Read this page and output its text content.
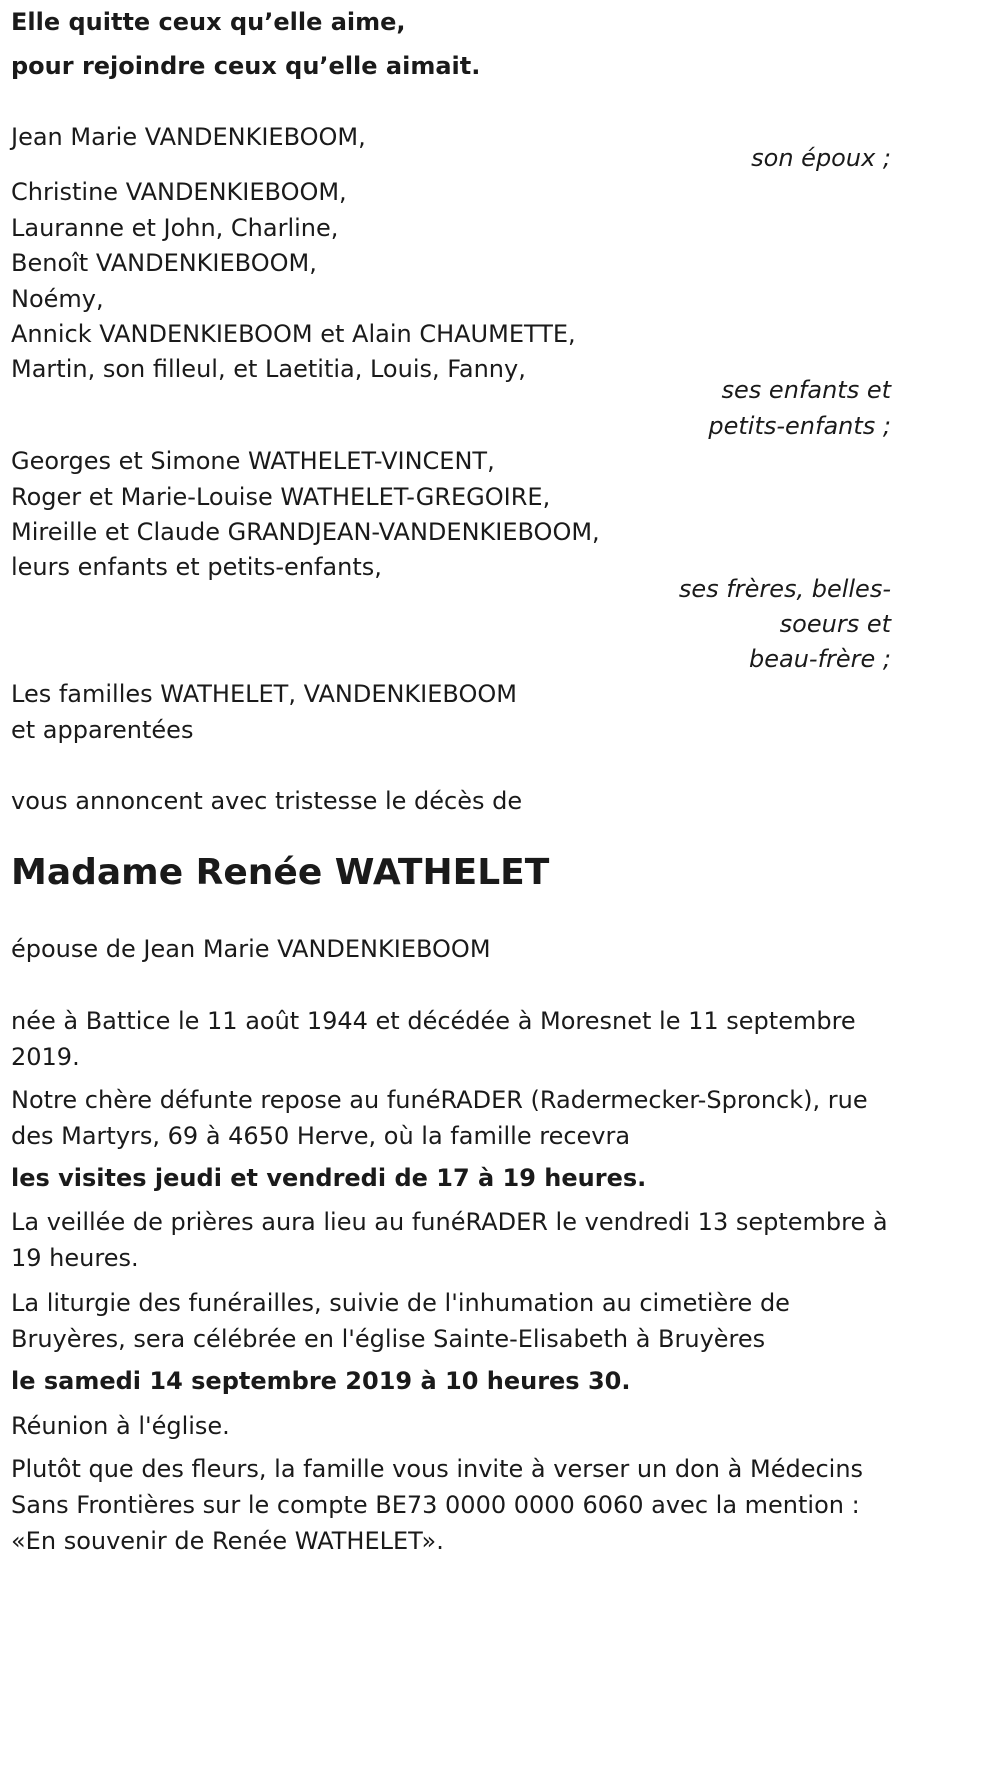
Elle quitte ceux qu’elle aime,
pour rejoindre ceux qu’elle aimait.
Jean Marie VANDENKIEBOOM,
son époux ;
Christine VANDENKIEBOOM,
Lauranne et John, Charline,
Benoît VANDENKIEBOOM,
Noémy,
Annick VANDENKIEBOOM et Alain CHAUMETTE,
Martin, son filleul, et Laetitia, Louis, Fanny,
ses enfants et
petits-enfants ;
Georges et Simone WATHELET-VINCENT,
Roger et Marie-Louise WATHELET-GREGOIRE,
Mireille et Claude GRANDJEAN-VANDENKIEBOOM,
leurs enfants et petits-enfants,
ses frères, belles-
soeurs et
beau-frère ;
Les familles WATHELET, VANDENKIEBOOM
et apparentées
vous annoncent avec tristesse le décès de
Madame Renée WATHELET
épouse de Jean Marie VANDENKIEBOOM
née à Battice le 11 août 1944 et décédée à Moresnet le 11 septembre 2019.
Notre chère défunte repose au funéRADER (Radermecker-Spronck), rue des Martyrs, 69 à 4650 Herve, où la famille recevra
les visites jeudi et vendredi de 17 à 19 heures.
La veillée de prières aura lieu au funéRADER le vendredi 13 septembre à 19 heures.
La liturgie des funérailles, suivie de l'inhumation au cimetière de Bruyères, sera célébrée en l'église Sainte-Elisabeth à Bruyères
le samedi 14 septembre 2019 à 10 heures 30.
Réunion à l'église.
Plutôt que des fleurs, la famille vous invite à verser un don à Médecins Sans Frontières sur le compte BE73 0000 0000 6060 avec la mention : «En souvenir de Renée WATHELET».
